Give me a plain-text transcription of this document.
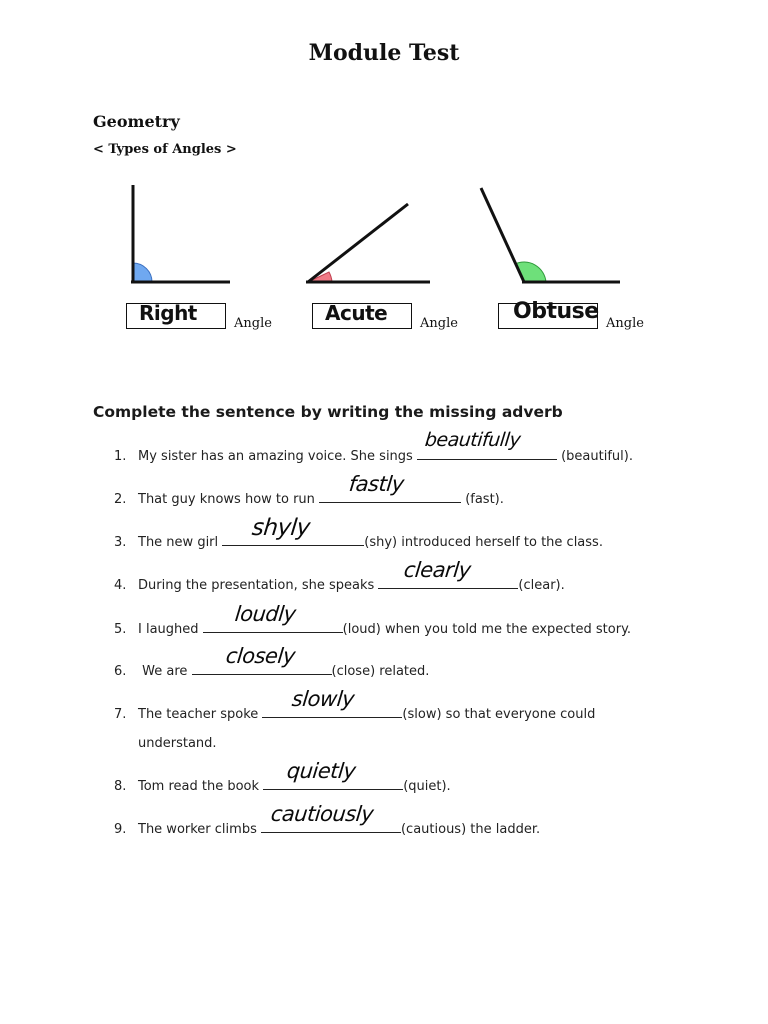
Module Test
Geometry
< Types of Angles >
Right	Angle	Acute	Angle	Obtuse Angle
Complete the sentence by writing the missing adverb
1. My sister has an amazing voice. She sings
beautifully
(beautiful).
2. That guy knows how to run
fastly
(fast).
3. The new girl
shyly
(shy) introduced herself to the class.
4. During the presentation, she speaks
clearly
(clear).
5. I laughed
loudly
(loud) when you told me the expected story.
6. We are
closely
(close) related.
7. The teacher spoke
slowly
(slow) so that everyone could
understand.
8. Tom read the book
quietly
(quiet).
9. The worker climbs
cautiously
(cautious) the ladder.
